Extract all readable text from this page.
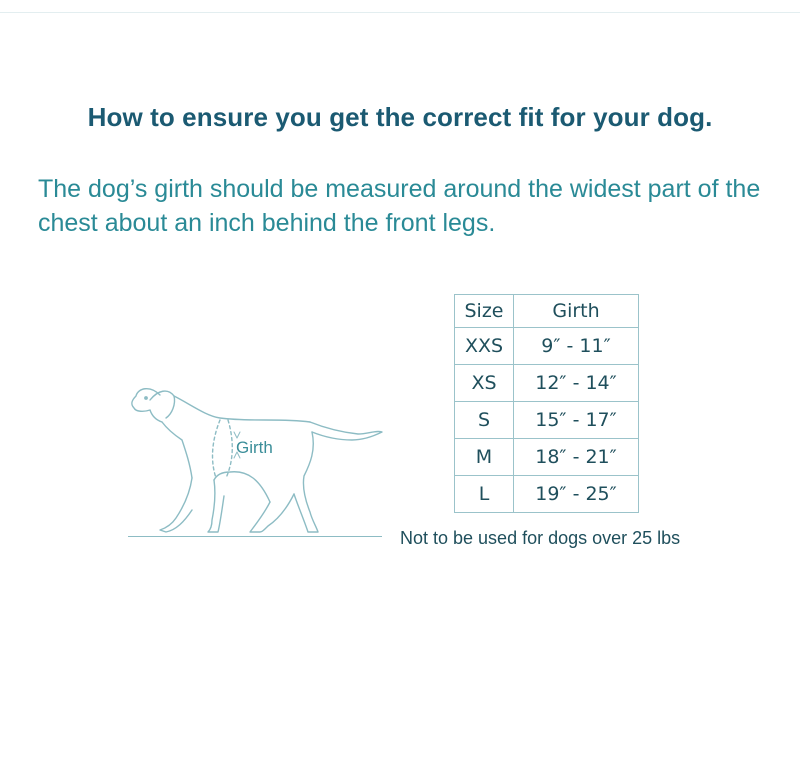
How to ensure you get the correct fit for your dog.
The dog’s girth should be measured around the widest part of the chest about an inch behind the front legs.
Girth
Size	Girth
XXS	9″ - 11″
XS	12″ - 14″
S	15″ - 17″
M	18″ - 21″
L	19″ - 25″
Not to be used for dogs over 25 lbs
